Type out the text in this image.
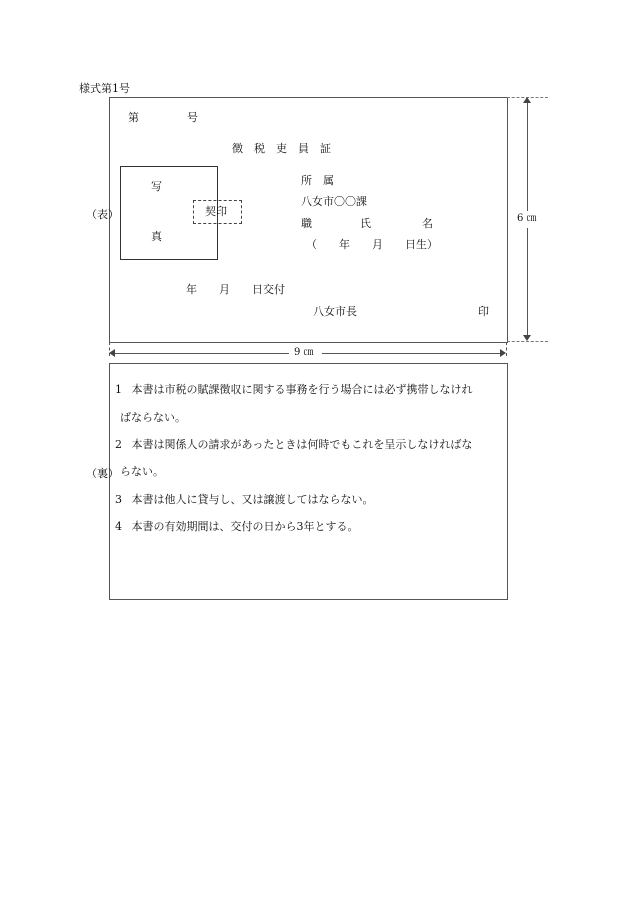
様式第1号
（表）
第	号
徴　税　吏　員　証
写
真
契印
所　属
八女市〇〇課
職	氏	名
（　　年　　月　　日生）
年　　月　　日交付
八女市長	印
6 ㎝
9 ㎝
（裏）
1 本書は市税の賦課徴収に関する事務を行う場合には必ず携帯しなけれ
ばならない。
2 本書は関係人の請求があったときは何時でもこれを呈示しなければな
らない。
3 本書は他人に貸与し、又は譲渡してはならない。
4 本書の有効期間は、交付の日から3年とする。
